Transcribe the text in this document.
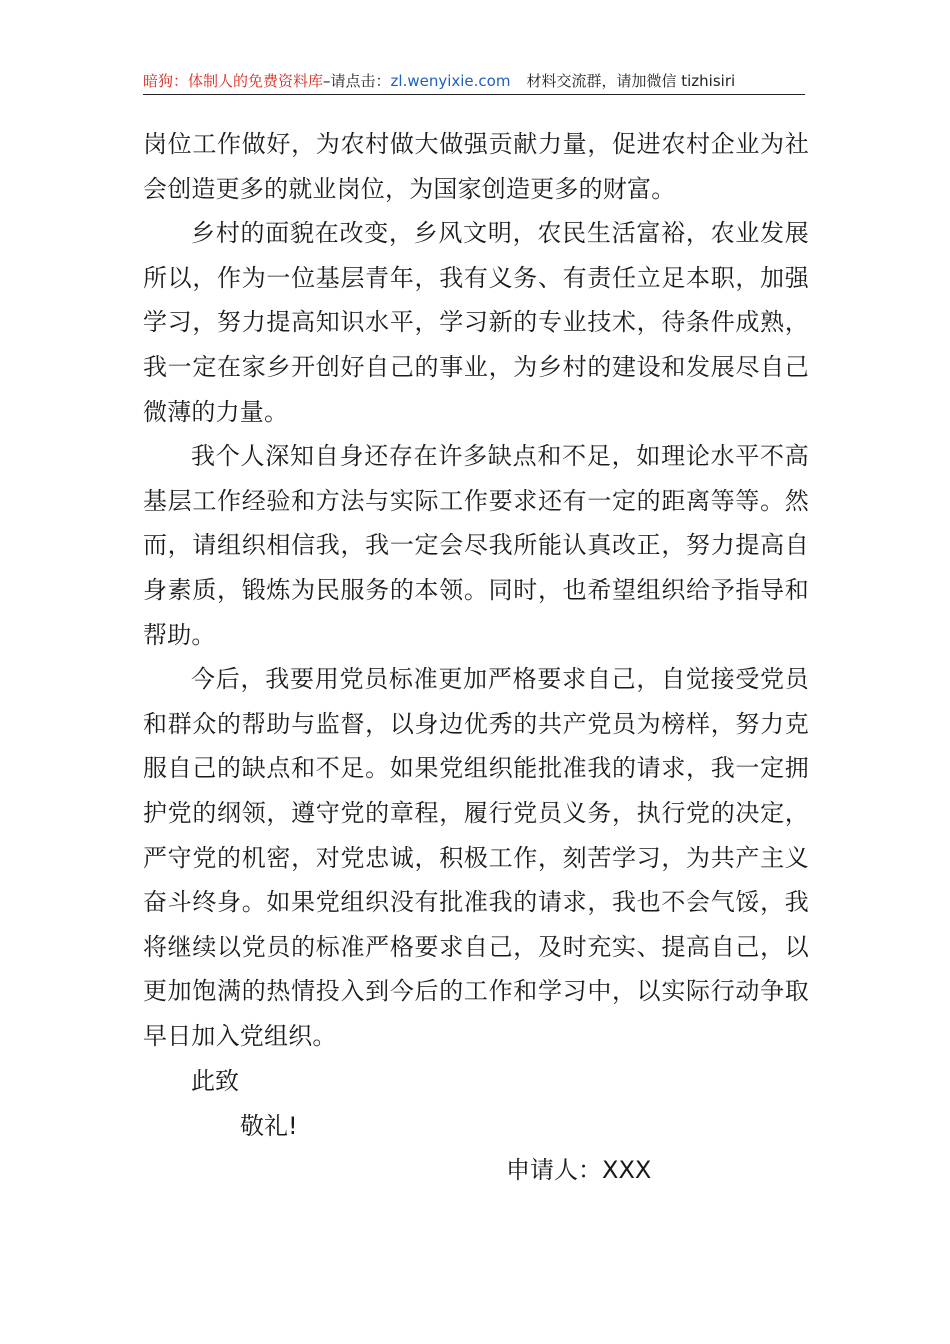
暗狗：体制人的免费资料库–请点击：zl.wenyixie.com 材料交流群，请加微信 tizhisiri

岗位工作做好，为农村做大做强贡献力量，促进农村企业为社会创造更多的就业岗位，为国家创造更多的财富。

乡村的面貌在改变，乡风文明，农民生活富裕，农业发展所以，作为一位基层青年，我有义务、有责任立足本职，加强学习，努力提高知识水平，学习新的专业技术，待条件成熟，我一定在家乡开创好自己的事业，为乡村的建设和发展尽自己微薄的力量。

我个人深知自身还存在许多缺点和不足，如理论水平不高基层工作经验和方法与实际工作要求还有一定的距离等等。然而，请组织相信我，我一定会尽我所能认真改正，努力提高自身素质，锻炼为民服务的本领。同时，也希望组织给予指导和帮助。

今后，我要用党员标准更加严格要求自己，自觉接受党员和群众的帮助与监督，以身边优秀的共产党员为榜样，努力克服自己的缺点和不足。如果党组织能批准我的请求，我一定拥护党的纲领，遵守党的章程，履行党员义务，执行党的决定，严守党的机密，对党忠诚，积极工作，刻苦学习，为共产主义奋斗终身。如果党组织没有批准我的请求，我也不会气馁，我将继续以党员的标准严格要求自己，及时充实、提高自己，以更加饱满的热情投入到今后的工作和学习中，以实际行动争取早日加入党组织。

此致
敬礼!
申请人：XXX
